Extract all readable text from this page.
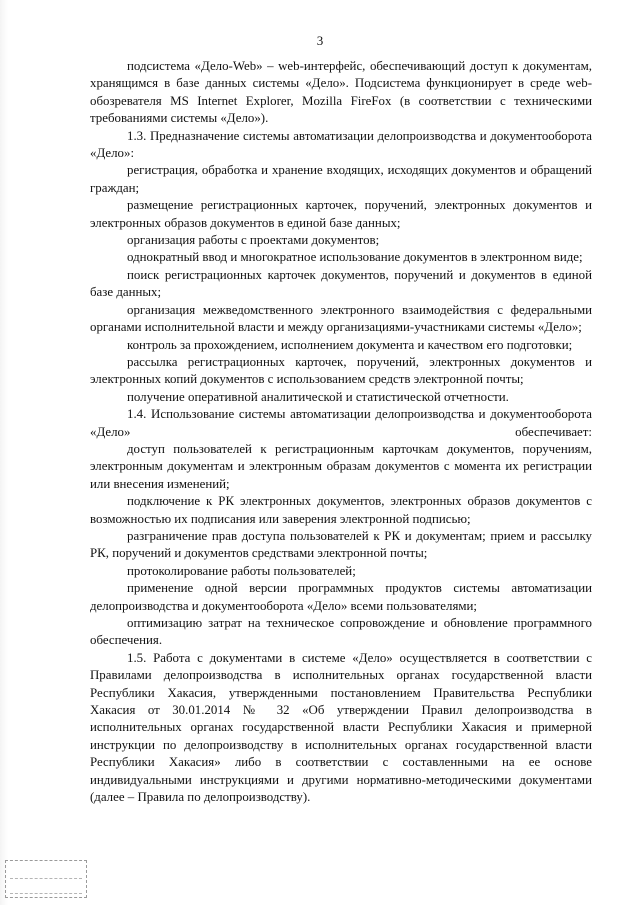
3

подсистема «Дело-Web» – web-интерфейс, обеспечивающий доступ к документам, хранящимся в базе данных системы «Дело». Подсистема функционирует в среде web-обозревателя MS Internet Explorer, Mozilla FireFox (в соответствии с техническими требованиями системы «Дело»).

1.3. Предназначение системы автоматизации делопроизводства и документооборота «Дело»:

регистрация, обработка и хранение входящих, исходящих документов и обращений граждан;

размещение регистрационных карточек, поручений, электронных документов и электронных образов документов в единой базе данных;

организация работы с проектами документов;

однократный ввод и многократное использование документов в электронном виде;

поиск регистрационных карточек документов, поручений и документов в единой базе данных;

организация межведомственного электронного взаимодействия с федеральными органами исполнительной власти и между организациями-участниками системы «Дело»;

контроль за прохождением, исполнением документа и качеством его подготовки;

рассылка регистрационных карточек, поручений, электронных документов и электронных копий документов с использованием средств электронной почты;

получение оперативной аналитической и статистической отчетности.

1.4. Использование системы автоматизации делопроизводства и документооборота «Дело» обеспечивает:

доступ пользователей к регистрационным карточкам документов, поручениям, электронным документам и электронным образам документов с момента их регистрации или внесения изменений;

подключение к РК электронных документов, электронных образов документов с возможностью их подписания или заверения электронной подписью;

разграничение прав доступа пользователей к РК и документам; прием и рассылку РК, поручений и документов средствами электронной почты;

протоколирование работы пользователей;

применение одной версии программных продуктов системы автоматизации делопроизводства и документооборота «Дело» всеми пользователями;

оптимизацию затрат на техническое сопровождение и обновление программного обеспечения.

1.5. Работа с документами в системе «Дело» осуществляется в соответствии с Правилами делопроизводства в исполнительных органах государственной власти Республики Хакасия, утвержденными постановлением Правительства Республики Хакасия от 30.01.2014 № 32 «Об утверждении Правил делопроизводства в исполнительных органах государственной власти Республики Хакасия и примерной инструкции по делопроизводству в исполнительных органах государственной власти Республики Хакасия» либо в соответствии с составленными на ее основе индивидуальными инструкциями и другими нормативно-методическими документами (далее – Правила по делопроизводству).
